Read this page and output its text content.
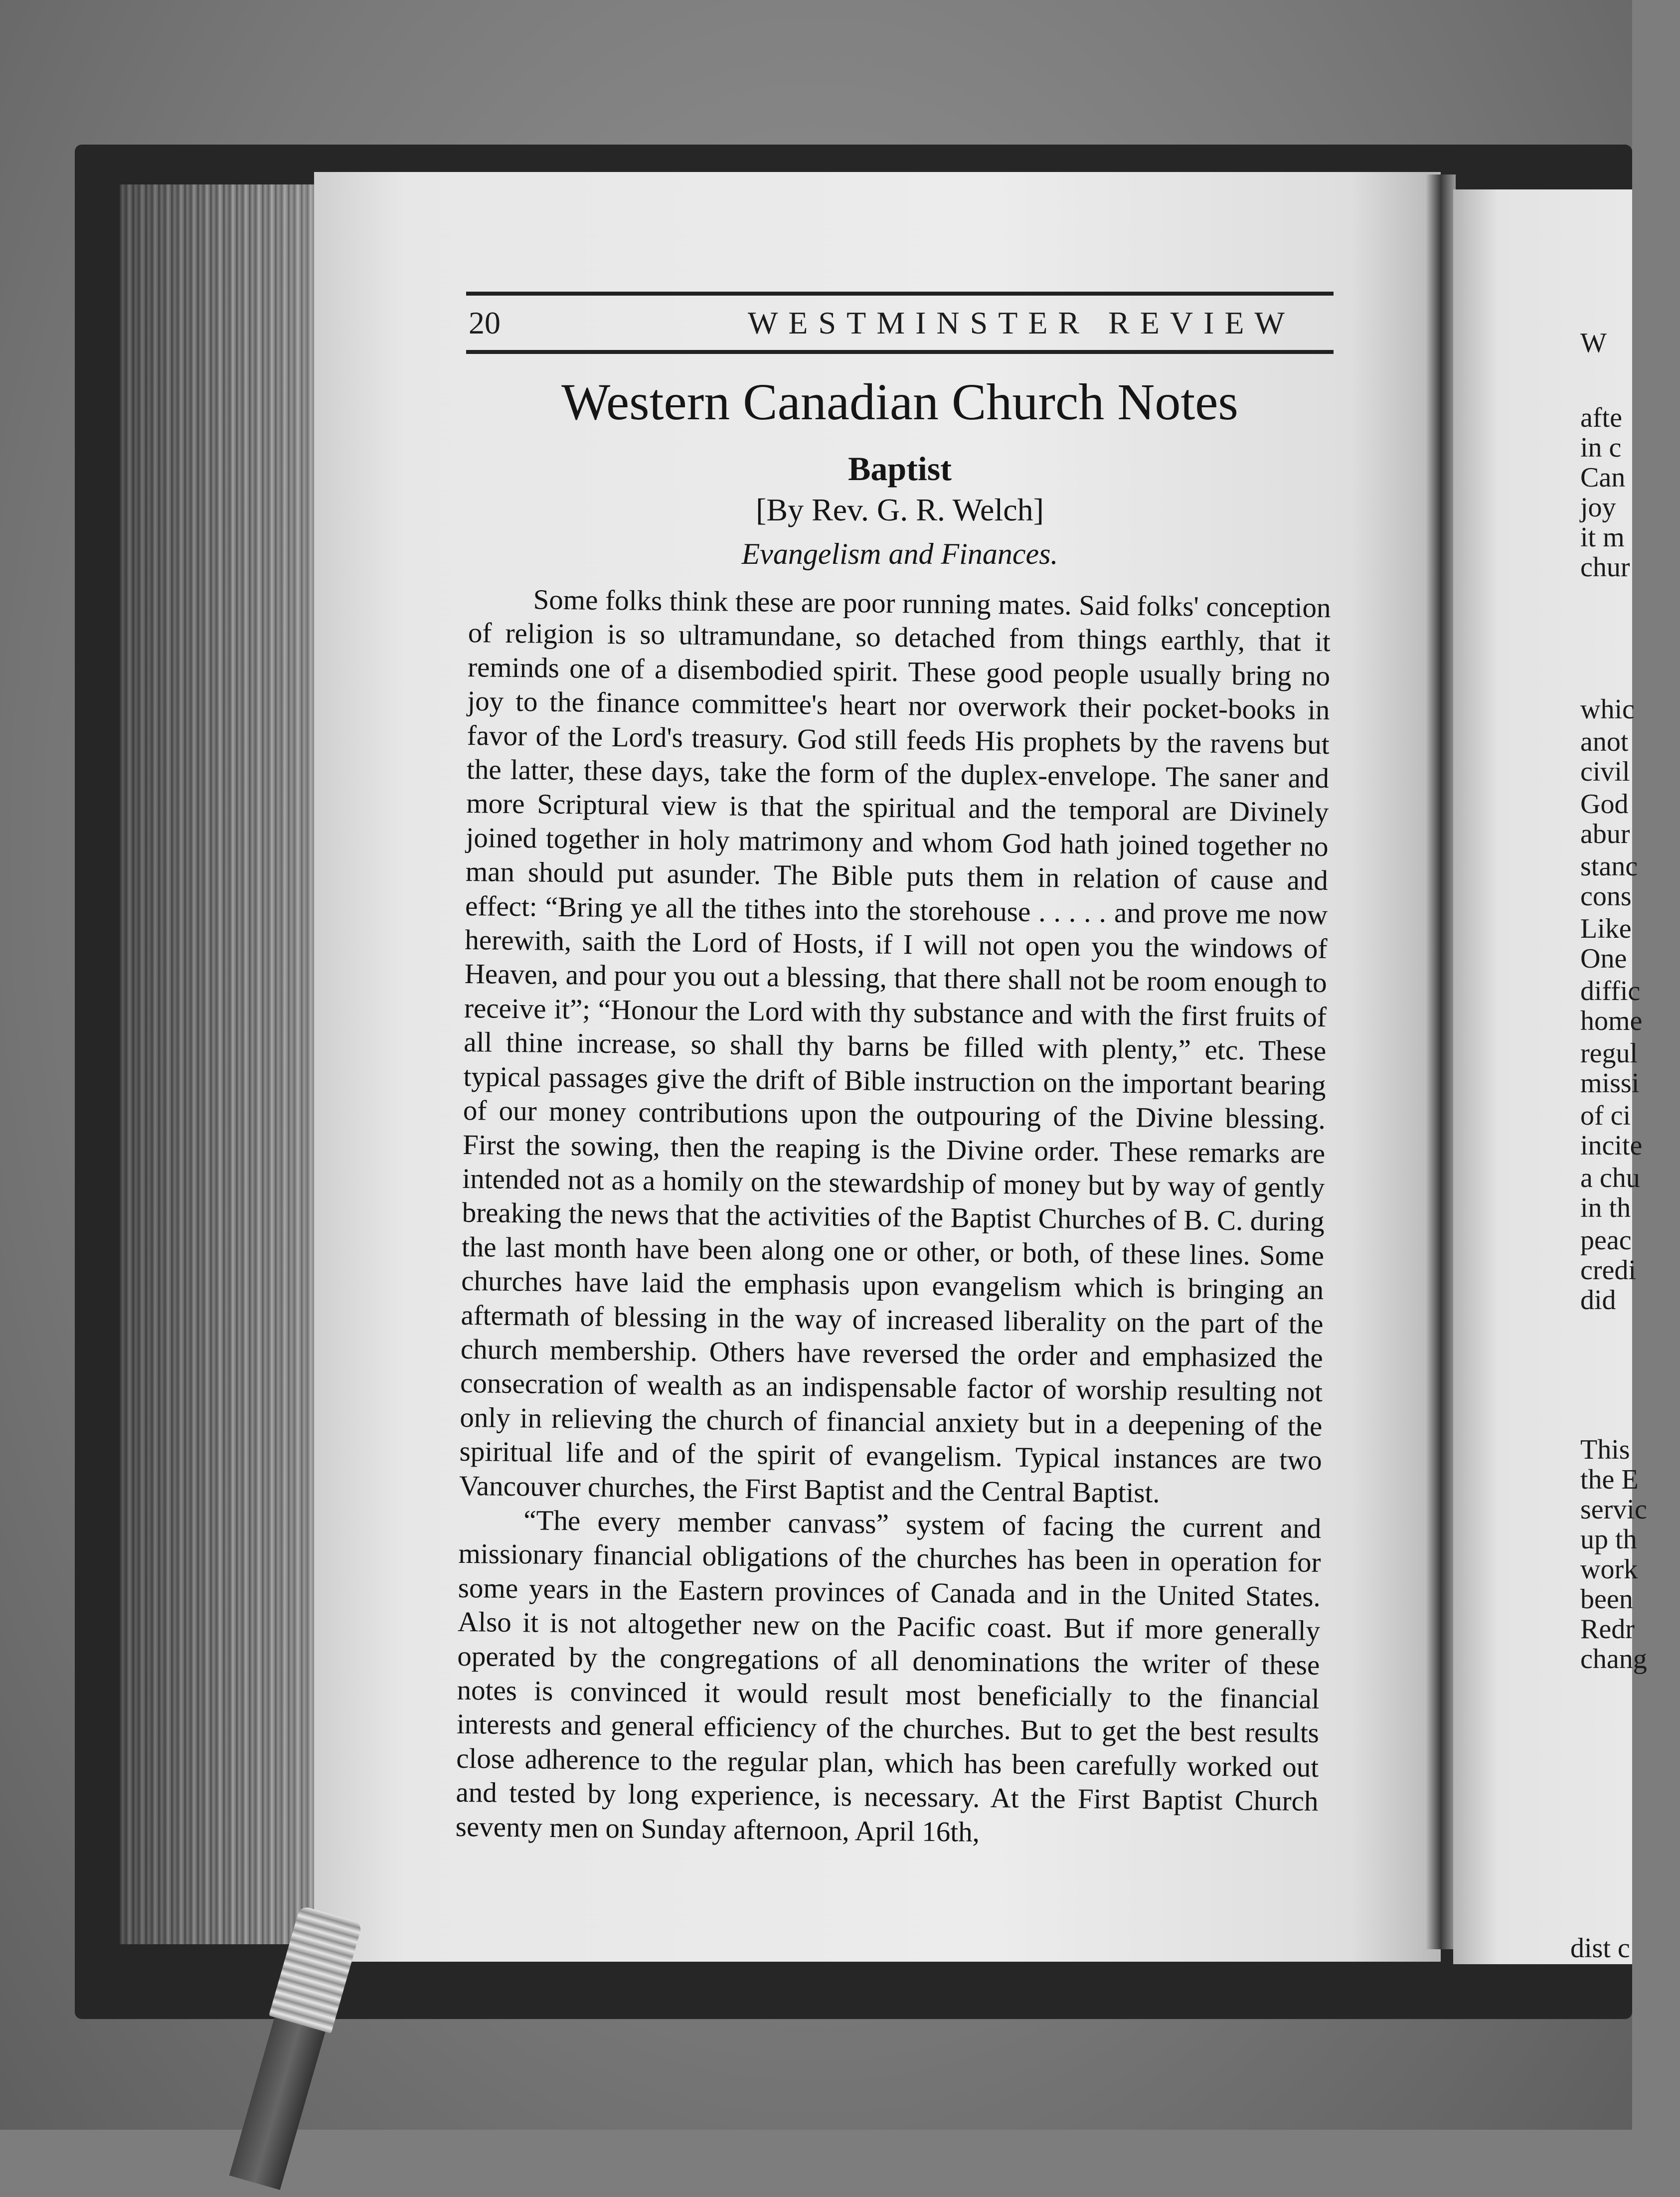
20	WESTMINSTER REVIEW
Western Canadian Church Notes
Baptist
[By Rev. G. R. Welch]
Evangelism and Finances.

Some folks think these are poor running mates. Said folks' conception of religion is so ultramundane, so detached from things earthly, that it reminds one of a disembodied spirit. These good people usually bring no joy to the finance committee's heart nor overwork their pocket-books in favor of the Lord's treasury. God still feeds His prophets by the ravens but the latter, these days, take the form of the duplex-envelope. The saner and more Scriptural view is that the spiritual and the temporal are Divinely joined together in holy matrimony and whom God hath joined together no man should put asunder. The Bible puts them in relation of cause and effect: “Bring ye all the tithes into the storehouse . . . . . and prove me now herewith, saith the Lord of Hosts, if I will not open you the windows of Heaven, and pour you out a blessing, that there shall not be room enough to receive it”; “Honour the Lord with thy substance and with the first fruits of all thine increase, so shall thy barns be filled with plenty,” etc. These typical passages give the drift of Bible instruction on the important bearing of our money contributions upon the outpouring of the Divine blessing. First the sowing, then the reaping is the Divine order. These remarks are intended not as a homily on the stewardship of money but by way of gently breaking the news that the activities of the Baptist Churches of B. C. during the last month have been along one or other, or both, of these lines. Some churches have laid the emphasis upon evangelism which is bringing an aftermath of blessing in the way of increased liberality on the part of the church membership. Others have reversed the order and emphasized the consecration of wealth as an indispensable factor of worship resulting not only in relieving the church of financial anxiety but in a deepening of the spiritual life and of the spirit of evangelism. Typical instances are two Vancouver churches, the First Baptist and the Central Baptist.

“The every member canvass” system of facing the current and missionary financial obligations of the churches has been in operation for some years in the Eastern provinces of Canada and in the United States. Also it is not altogether new on the Pacific coast. But if more generally operated by the congregations of all denominations the writer of these notes is convinced it would result most beneficially to the financial interests and general efficiency of the churches. But to get the best results close adherence to the regular plan, which has been carefully worked out and tested by long experience, is necessary. At the First Baptist Church seventy men on Sunday afternoon, April 16th,

W
afte
in c
Can
joy
it m
chur
whic
anot
civil
God
abur
stanc
cons
Like
One
diffic
home
regul
missi
of ci
incite
a chu
in th
peac
credi
did
This
the E
servic
up th
work
been
Redr
chang
dist c
